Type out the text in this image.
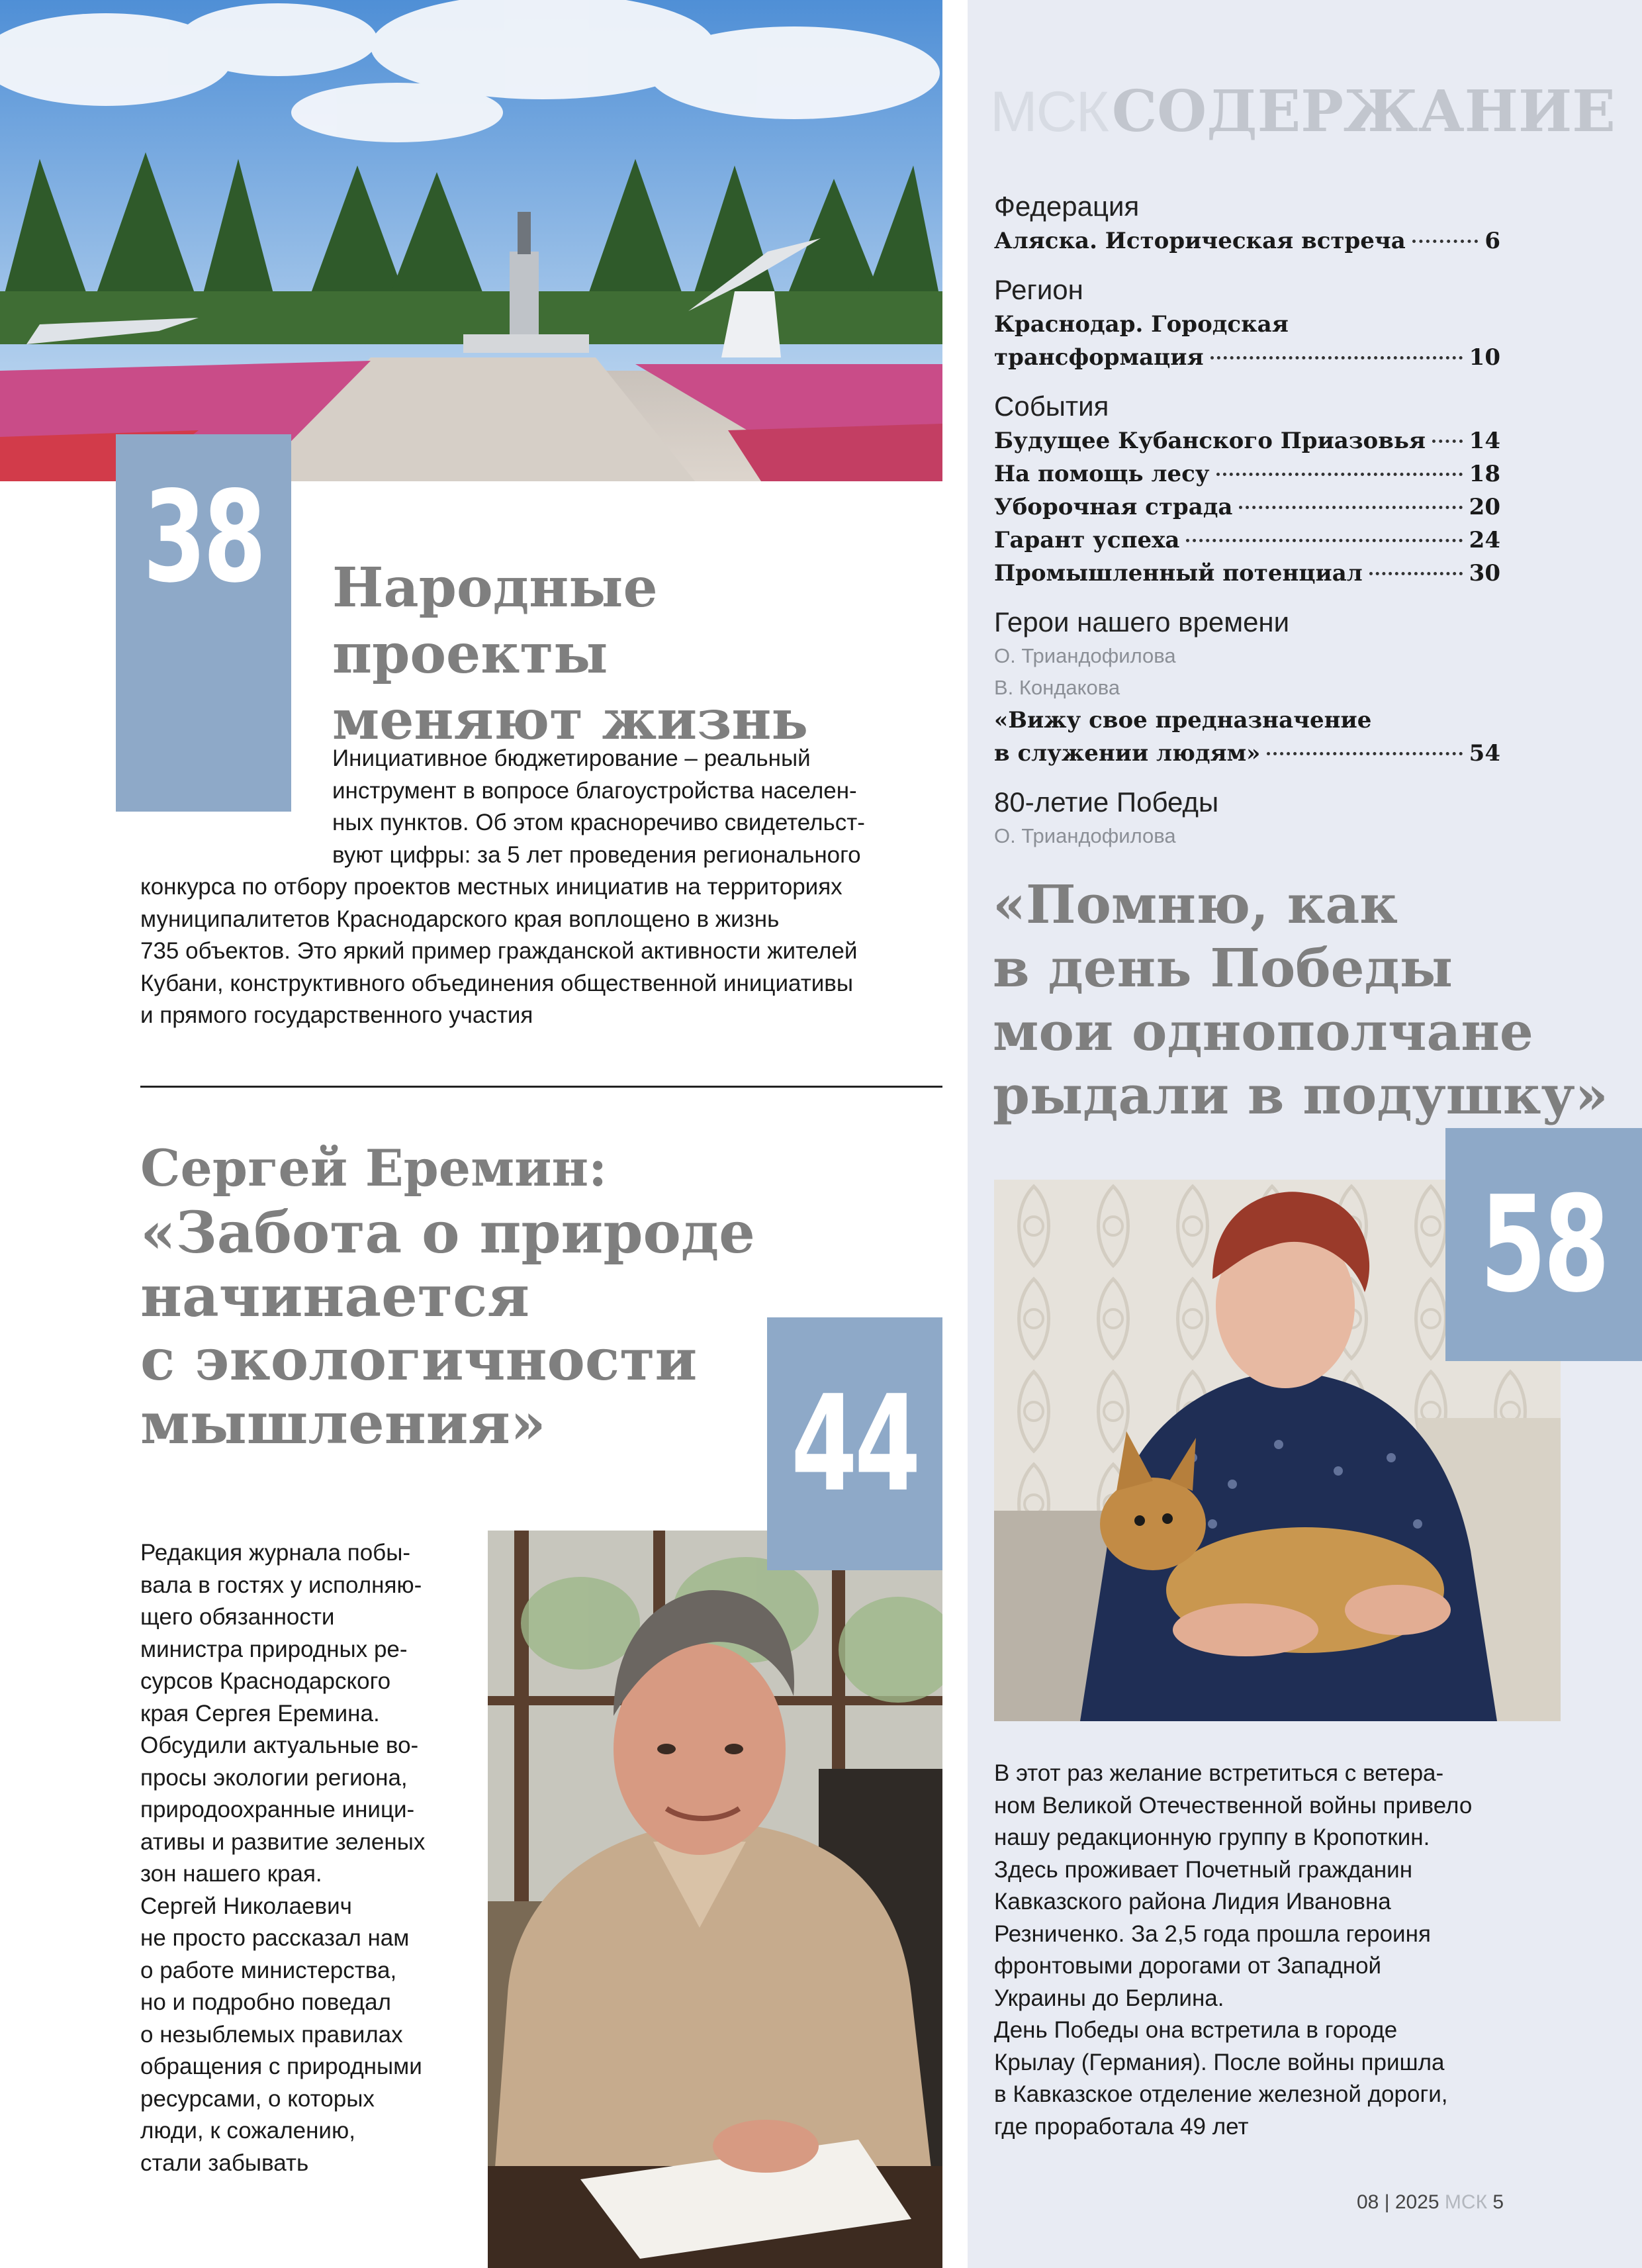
МСКСОДЕРЖАНИЕ
Федерация
Аляска. Историческая встреча	6
Регион
Краснодар. Городская
трансформация	10
События
Будущее Кубанского Приазовья 14
На помощь лесу	18
Уборочная страда	20
Гарант успеха	24
Промышленный потенциал	30
Герои нашего времени
О. Триандофилова
В. Кондакова
«Вижу свое предназначение
в служении людям»	54
80-летие Победы
О. Триандофилова
«Помню, как
в день Победы
мои однополчане
рыдали в подушку»
58

В этот раз желание встретиться с ветера-

ном Великой Отечественной войны привело

нашу редакционную группу в Кропоткин.

Здесь проживает Почетный гражданин

Кавказского района Лидия Ивановна

Резниченко. За 2,5 года прошла героиня

фронтовыми дорогами от Западной

Украины до Берлина.

День Победы она встретила в городе

Крылау (Германия). После войны пришла

в Кавказское отделение железной дороги,

где проработала 49 лет

08 | 2025 МСК 5
38 Народные проекты
меняют жизнь

Инициативное бюджетирование – реальный

инструмент в вопросе благоустройства населен-

ных пунктов. Об этом красноречиво свидетельст-

вуют цифры: за 5 лет проведения регионального

конкурса по отбору проектов местных инициатив на территориях

муниципалитетов Краснодарского края воплощено в жизнь

735 объектов. Это яркий пример гражданской активности жителей

Кубани, конструктивного объединения общественной инициативы

и прямого государственного участия

Сергей Еремин:
«Забота о природе
начинается
с экологичности
мышления»	44

Редакция журнала побы-

вала в гостях у исполняю-

щего обязанности

министра природных ре-

сурсов Краснодарского

края Сергея Еремина.

Обсудили актуальные во-

просы экологии региона,

природоохранные иници-

ативы и развитие зеленых

зон нашего края.

Сергей Николаевич

не просто рассказал нам

о работе министерства,

но и подробно поведал

о незыблемых правилах

обращения с природными

ресурсами, о которых

люди, к сожалению,

стали забывать
